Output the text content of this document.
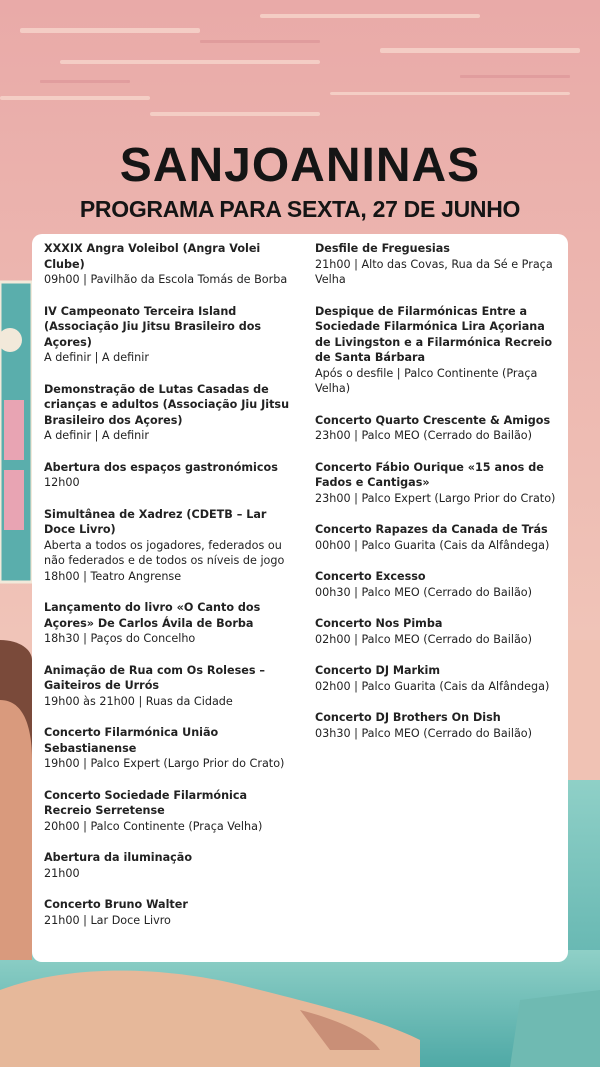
SANJOANINAS
PROGRAMA PARA SEXTA, 27 DE JUNHO
XXXIX Angra Voleibol (Angra Volei Clube)
09h00 | Pavilhão da Escola Tomás de Borba
IV Campeonato Terceira Island (Associação Jiu Jitsu Brasileiro dos Açores)
A definir | A definir
Demonstração de Lutas Casadas de crianças e adultos (Associação Jiu Jitsu Brasileiro dos Açores)
A definir | A definir
Abertura dos espaços gastronómicos
12h00
Simultânea de Xadrez (CDETB – Lar Doce Livro)
Aberta a todos os jogadores, federados ou não federados e de todos os níveis de jogo 18h00 | Teatro Angrense
Lançamento do livro «O Canto dos Açores» De Carlos Ávila de Borba
18h30 | Paços do Concelho
Animação de Rua com Os Roleses – Gaiteiros de Urrós
19h00 às 21h00 | Ruas da Cidade
Concerto Filarmónica União Sebastianense
19h00 | Palco Expert (Largo Prior do Crato)
Concerto Sociedade Filarmónica Recreio Serretense
20h00 | Palco Continente (Praça Velha)
Abertura da iluminação
21h00
Concerto Bruno Walter
21h00 | Lar Doce Livro
Desfile de Freguesias
21h00 | Alto das Covas, Rua da Sé e Praça Velha
Despique de Filarmónicas Entre a Sociedade Filarmónica Lira Açoriana de Livingston e a Filarmónica Recreio de Santa Bárbara
Após o desfile | Palco Continente (Praça Velha)
Concerto Quarto Crescente & Amigos
23h00 | Palco MEO (Cerrado do Bailão)
Concerto Fábio Ourique «15 anos de Fados e Cantigas»
23h00 | Palco Expert (Largo Prior do Crato)
Concerto Rapazes da Canada de Trás
00h00 | Palco Guarita (Cais da Alfândega)
Concerto Excesso
00h30 | Palco MEO (Cerrado do Bailão)
Concerto Nos Pimba
02h00 | Palco MEO (Cerrado do Bailão)
Concerto DJ Markim
02h00 | Palco Guarita (Cais da Alfândega)
Concerto DJ Brothers On Dish
03h30 | Palco MEO (Cerrado do Bailão)
